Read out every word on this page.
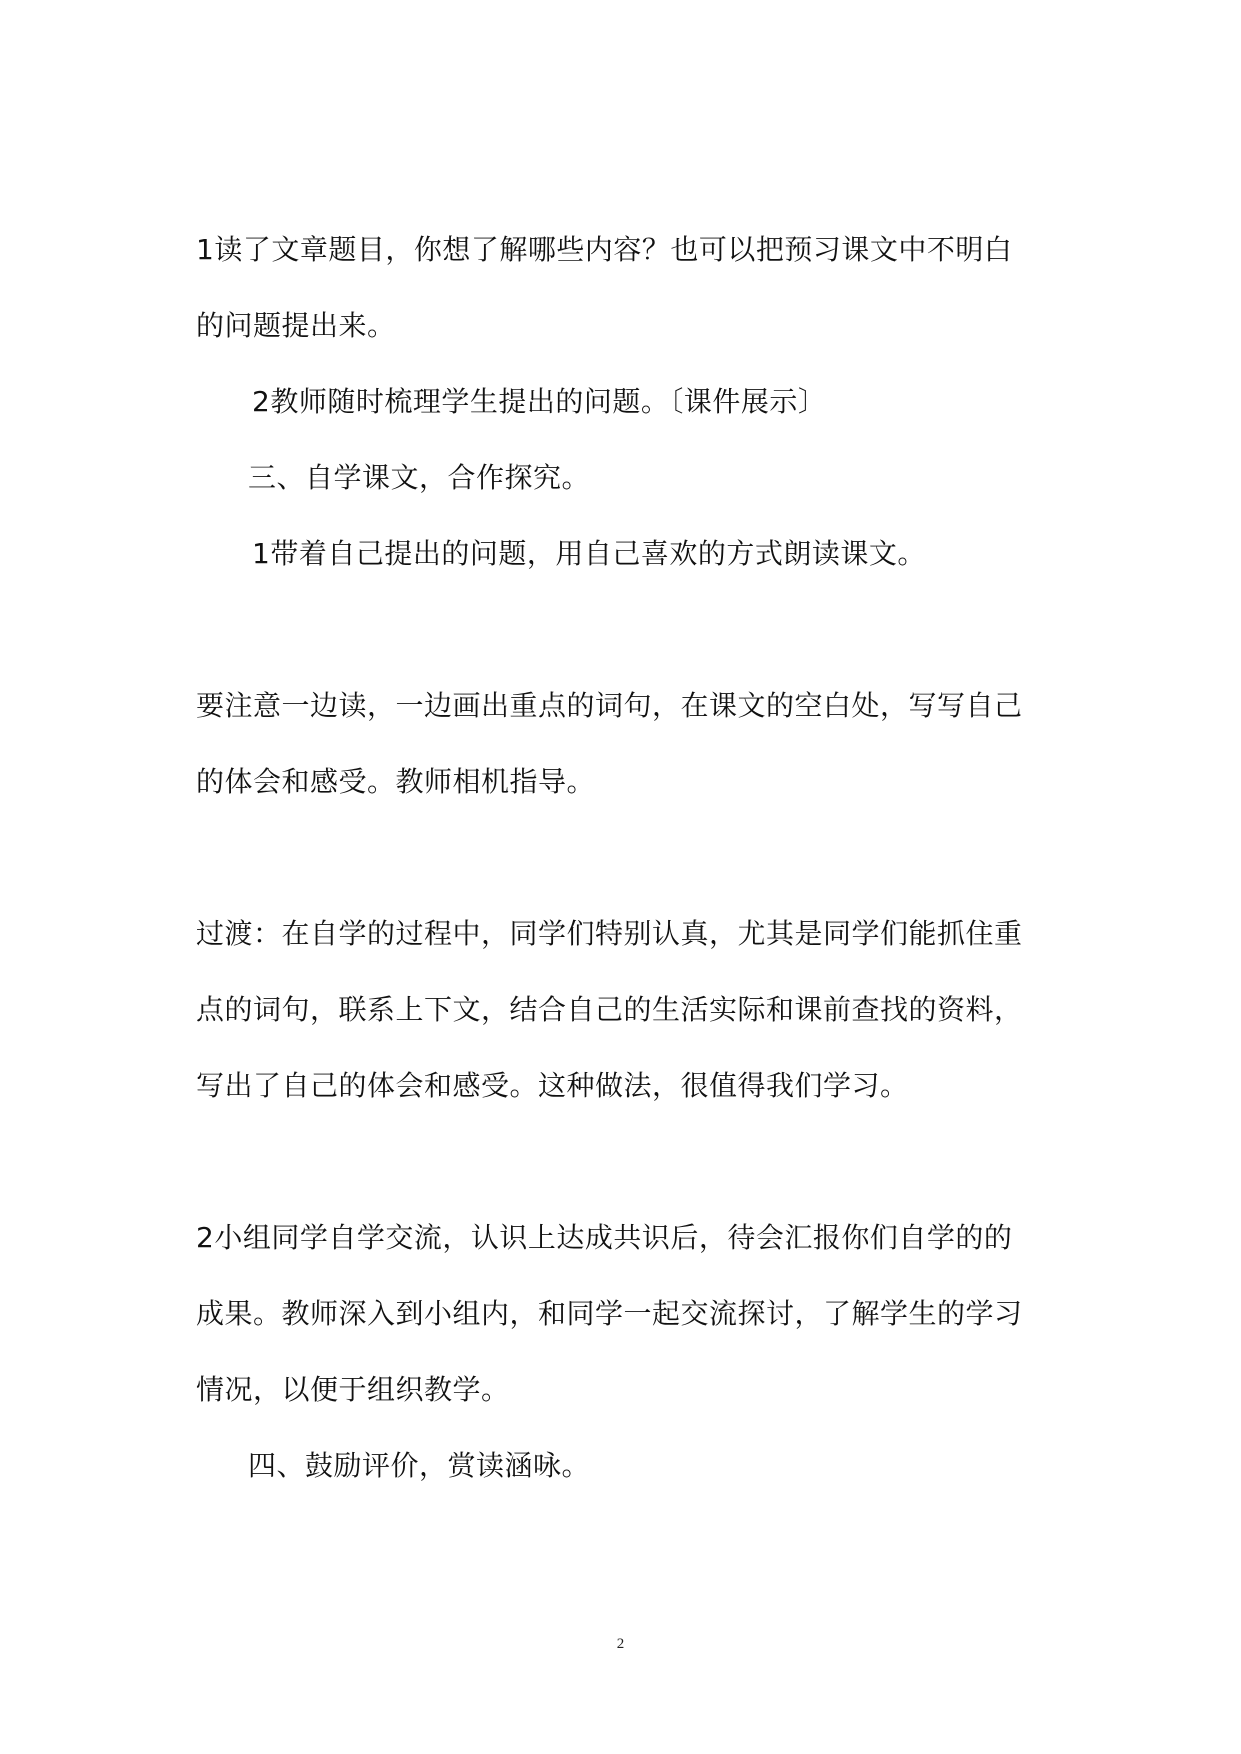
1读了文章题目，你想了解哪些内容？也可以把预习课文中不明白
的问题提出来。
2教师随时梳理学生提出的问题。〔课件展示〕
三、自学课文，合作探究。
1带着自己提出的问题，用自己喜欢的方式朗读课文。
要注意一边读，一边画出重点的词句，在课文的空白处，写写自己
的体会和感受。教师相机指导。
过渡：在自学的过程中，同学们特别认真，尤其是同学们能抓住重
点的词句，联系上下文，结合自己的生活实际和课前查找的资料，
写出了自己的体会和感受。这种做法，很值得我们学习。
2小组同学自学交流，认识上达成共识后，待会汇报你们自学的的
成果。教师深入到小组内，和同学一起交流探讨，了解学生的学习
情况，以便于组织教学。
四、鼓励评价，赏读涵咏。
2
